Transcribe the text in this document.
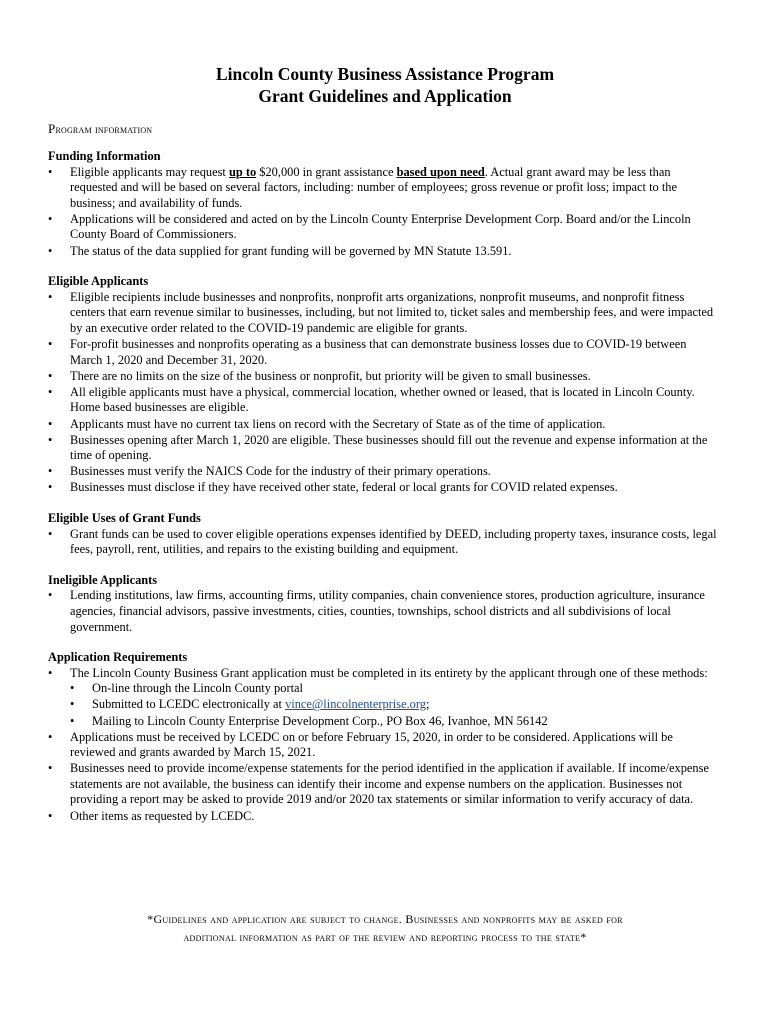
Lincoln County Business Assistance Program
Grant Guidelines and Application
Program information
Funding Information
• Eligible applicants may request up to $20,000 in grant assistance based upon need. Actual grant award may be less than requested and will be based on several factors, including: number of employees; gross revenue or profit loss; impact to the business; and availability of funds.
• Applications will be considered and acted on by the Lincoln County Enterprise Development Corp. Board and/or the Lincoln County Board of Commissioners.
• The status of the data supplied for grant funding will be governed by MN Statute 13.591.
Eligible Applicants
• Eligible recipients include businesses and nonprofits, nonprofit arts organizations, nonprofit museums, and nonprofit fitness centers that earn revenue similar to businesses, including, but not limited to, ticket sales and membership fees, and were impacted by an executive order related to the COVID-19 pandemic are eligible for grants.
• For-profit businesses and nonprofits operating as a business that can demonstrate business losses due to COVID-19 between March 1, 2020 and December 31, 2020.
• There are no limits on the size of the business or nonprofit, but priority will be given to small businesses.
• All eligible applicants must have a physical, commercial location, whether owned or leased, that is located in Lincoln County. Home based businesses are eligible.
• Applicants must have no current tax liens on record with the Secretary of State as of the time of application.
• Businesses opening after March 1, 2020 are eligible. These businesses should fill out the revenue and expense information at the time of opening.
• Businesses must verify the NAICS Code for the industry of their primary operations.
• Businesses must disclose if they have received other state, federal or local grants for COVID related expenses.
Eligible Uses of Grant Funds
• Grant funds can be used to cover eligible operations expenses identified by DEED, including property taxes, insurance costs, legal fees, payroll, rent, utilities, and repairs to the existing building and equipment.
Ineligible Applicants
• Lending institutions, law firms, accounting firms, utility companies, chain convenience stores, production agriculture, insurance agencies, financial advisors, passive investments, cities, counties, townships, school districts and all subdivisions of local government.
Application Requirements
• The Lincoln County Business Grant application must be completed in its entirety by the applicant through one of these methods:
• On-line through the Lincoln County portal
• Submitted to LCEDC electronically at vince@lincolnenterprise.org;
• Mailing to Lincoln County Enterprise Development Corp., PO Box 46, Ivanhoe, MN 56142
• Applications must be received by LCEDC on or before February 15, 2020, in order to be considered. Applications will be reviewed and grants awarded by March 15, 2021.
• Businesses need to provide income/expense statements for the period identified in the application if available. If income/expense statements are not available, the business can identify their income and expense numbers on the application. Businesses not providing a report may be asked to provide 2019 and/or 2020 tax statements or similar information to verify accuracy of data.
• Other items as requested by LCEDC.
*Guidelines and application are subject to change. Businesses and nonprofits may be asked for
additional information as part of the review and reporting process to the state*
